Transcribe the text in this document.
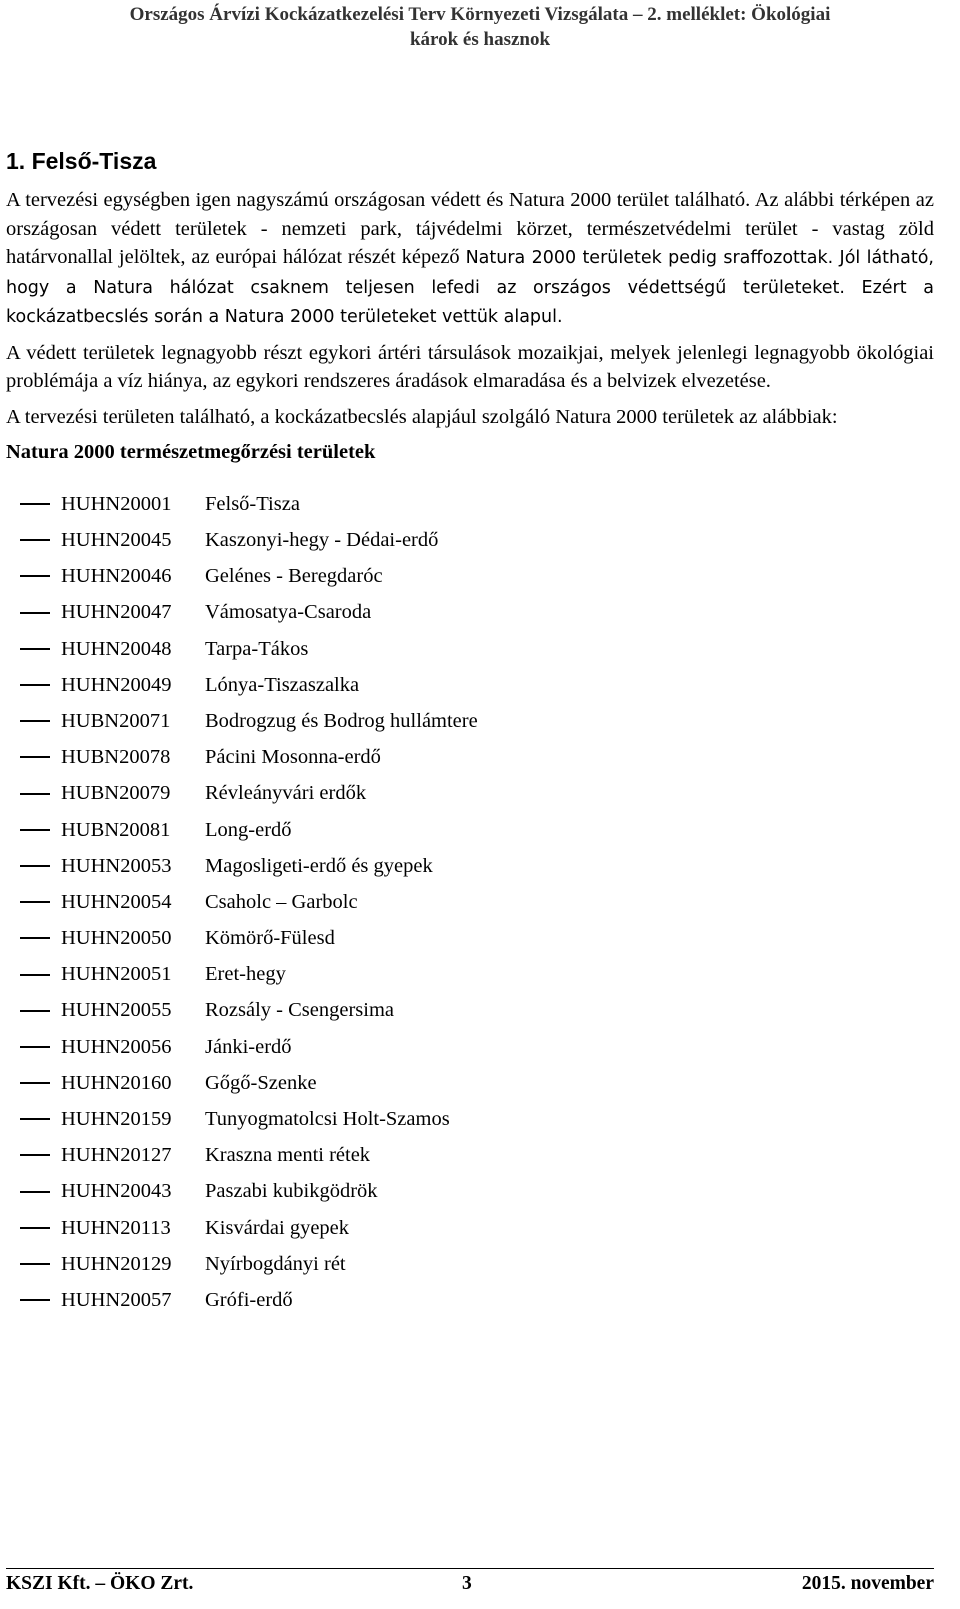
Országos Árvízi Kockázatkezelési Terv Környezeti Vizsgálata – 2. melléklet: Ökológiai
károk és hasznok
1. Felső-Tisza

A tervezési egységben igen nagyszámú országosan védett és Natura 2000 terület található. Az alábbi térképen az országosan védett területek - nemzeti park, tájvédelmi körzet, természetvédelmi terület - vastag zöld határvonallal jelöltek, az európai hálózat részét képező Natura 2000 területek pedig sraffozottak. Jól látható, hogy a Natura hálózat csaknem teljesen lefedi az országos védettségű területeket. Ezért a kockázatbecslés során a Natura 2000 területeket vettük alapul.

A védett területek legnagyobb részt egykori ártéri társulások mozaikjai, melyek jelenlegi legnagyobb ökológiai problémája a víz hiánya, az egykori rendszeres áradások elmaradása és a belvizek elvezetése.

A tervezési területen található, a kockázatbecslés alapjául szolgáló Natura 2000 területek az alábbiak:

Natura 2000 természetmegőrzési területek
HUHN20001	Felső-Tisza
HUHN20045	Kaszonyi-hegy - Dédai-erdő
HUHN20046	Gelénes - Beregdaróc
HUHN20047	Vámosatya-Csaroda
HUHN20048	Tarpa-Tákos
HUHN20049	Lónya-Tiszaszalka
HUBN20071	Bodrogzug és Bodrog hullámtere
HUBN20078	Pácini Mosonna-erdő
HUBN20079	Révleányvári erdők
HUBN20081	Long-erdő
HUHN20053	Magosligeti-erdő és gyepek
HUHN20054	Csaholc – Garbolc
HUHN20050	Kömörő-Fülesd
HUHN20051	Eret-hegy
HUHN20055	Rozsály - Csengersima
HUHN20056	Jánki-erdő
HUHN20160	Gőgő-Szenke
HUHN20159	Tunyogmatolcsi Holt-Szamos
HUHN20127	Kraszna menti rétek
HUHN20043	Paszabi kubikgödrök
HUHN20113	Kisvárdai gyepek
HUHN20129	Nyírbogdányi rét
HUHN20057	Grófi-erdő
KSZI Kft. – ÖKO Zrt.	3	2015. november
